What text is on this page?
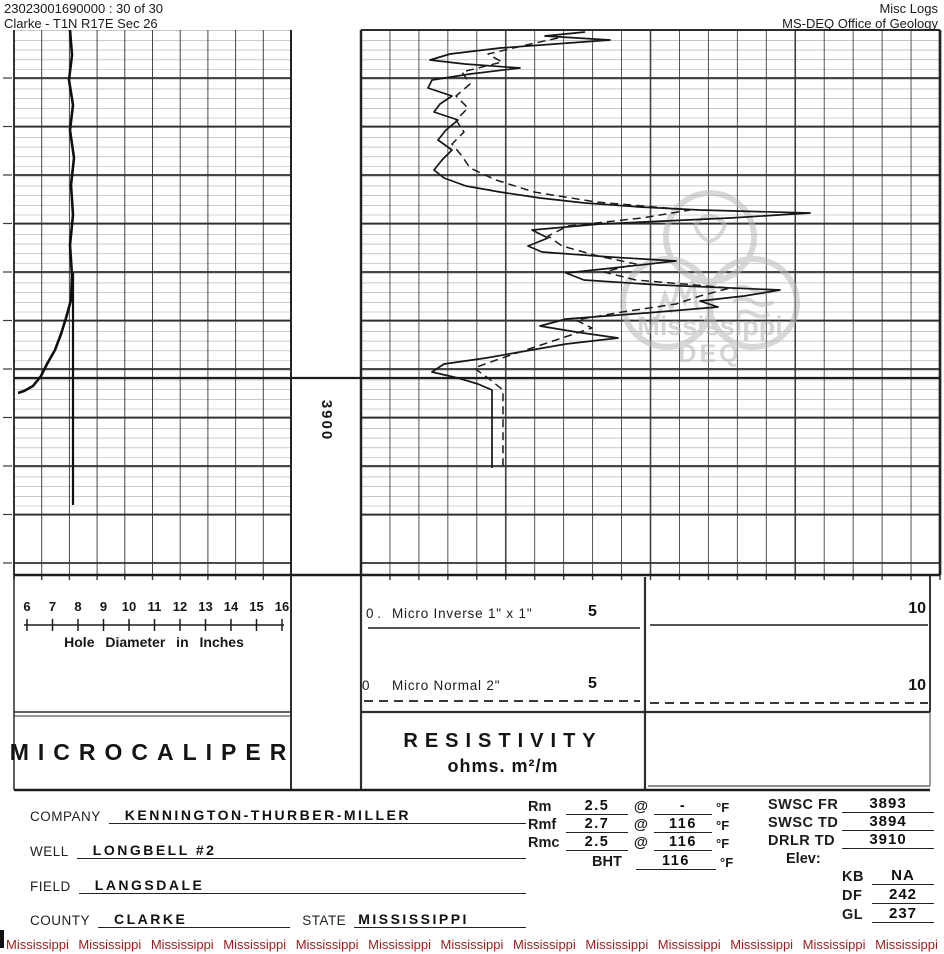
23023001690000 : 30 of 30
Clarke - T1N R17E Sec 26
Misc Logs
MS-DEQ Office of Geology
Mississippi
DEQ
3900
6	7	8	9	10 11 12 13 14 15 16
Hole Diameter in Inches
0 . Micro Inverse 1" x 1"	5	10
0 Micro Normal 2"	5	10
MICROCALIPER	RESISTIVITY
ohms. m²/m
COMPANY	KENNINGTON-THURBER-MILLER
WELL	LONGBELL #2
FIELD	LANGSDALE
COUNTY	CLARKE	STATE MISSISSIPPI
Rm	2.5	@	-	°F
Rmf	2.7	@	116	°F
Rmc	2.5	@	116	°F
BHT	116	°F
SWSC FR	3893
SWSC TD	3894
DRLR TD	3910
Elev:
KB	NA
DF	242
GL	237
Mississippi Mississippi Mississippi Mississippi Mississippi Mississippi Mississippi Mississippi Mississippi Mississippi Mississippi Mississippi Mississippi
